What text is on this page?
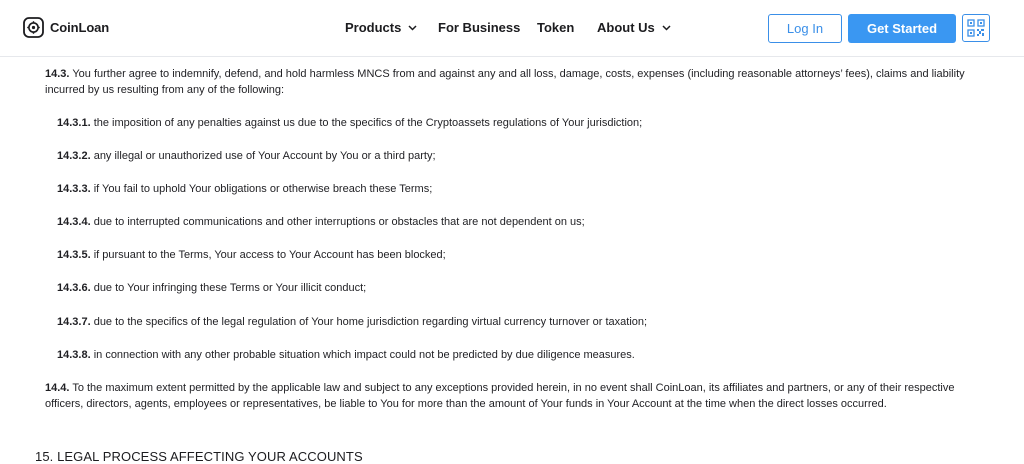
CoinLoan	Products	For Business Token About Us	Log In	Get Started

14.3. You further agree to indemnify, defend, and hold harmless MNCS from and against any and all loss, damage, costs, expenses (including reasonable attorneys’ fees), claims and liability incurred by us resulting from any of the following:

14.3.1. the imposition of any penalties against us due to the specifics of the Cryptoassets regulations of Your jurisdiction;

14.3.2. any illegal or unauthorized use of Your Account by You or a third party;

14.3.3. if You fail to uphold Your obligations or otherwise breach these Terms;

14.3.4. due to interrupted communications and other interruptions or obstacles that are not dependent on us;

14.3.5. if pursuant to the Terms, Your access to Your Account has been blocked;

14.3.6. due to Your infringing these Terms or Your illicit conduct;

14.3.7. due to the specifics of the legal regulation of Your home jurisdiction regarding virtual currency turnover or taxation;

14.3.8. in connection with any other probable situation which impact could not be predicted by due diligence measures.

14.4. To the maximum extent permitted by the applicable law and subject to any exceptions provided herein, in no event shall CoinLoan, its affiliates and partners, or any of their respective officers, directors, agents, employees or representatives, be liable to You for more than the amount of Your funds in Your Account at the time when the direct losses occurred.

15. LEGAL PROCESS AFFECTING YOUR ACCOUNTS
